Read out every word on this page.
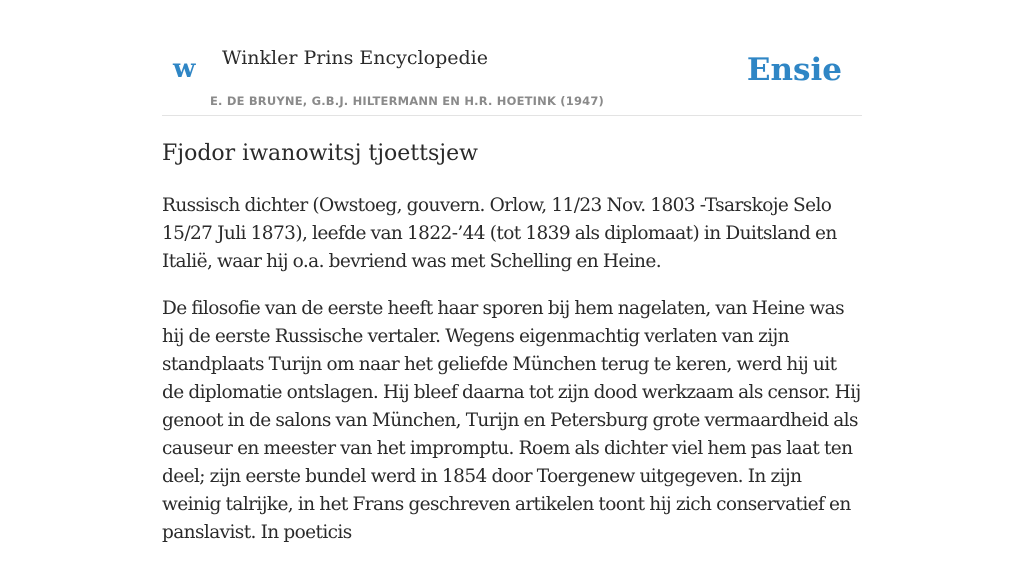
w Winkler Prins Encyclopedie
E. DE BRUYNE, G.B.J. HILTERMANN EN H.R. HOETINK (1947)
Ensie
Fjodor iwanowitsj tjoettsjew

Russisch dichter (Owstoeg, gouvern. Orlow, 11/23 Nov. 1803 -Tsarskoje Selo 15/27 Juli 1873), leefde van 1822-’44 (tot 1839 als diplomaat) in Duitsland en Italië, waar hij o.a. bevriend was met Schelling en Heine.

De filosofie van de eerste heeft haar sporen bij hem nagelaten, van Heine was hij de eerste Russische vertaler. Wegens eigenmachtig verlaten van zijn standplaats Turijn om naar het geliefde München terug te keren, werd hij uit de diplomatie ontslagen. Hij bleef daarna tot zijn dood werkzaam als censor. Hij genoot in de salons van München, Turijn en Petersburg grote vermaardheid als causeur en meester van het impromptu. Roem als dichter viel hem pas laat ten deel; zijn eerste bundel werd in 1854 door Toergenew uitgegeven. In zijn weinig talrijke, in het Frans geschreven artikelen toont hij zich conservatief en panslavist. In poeticis
